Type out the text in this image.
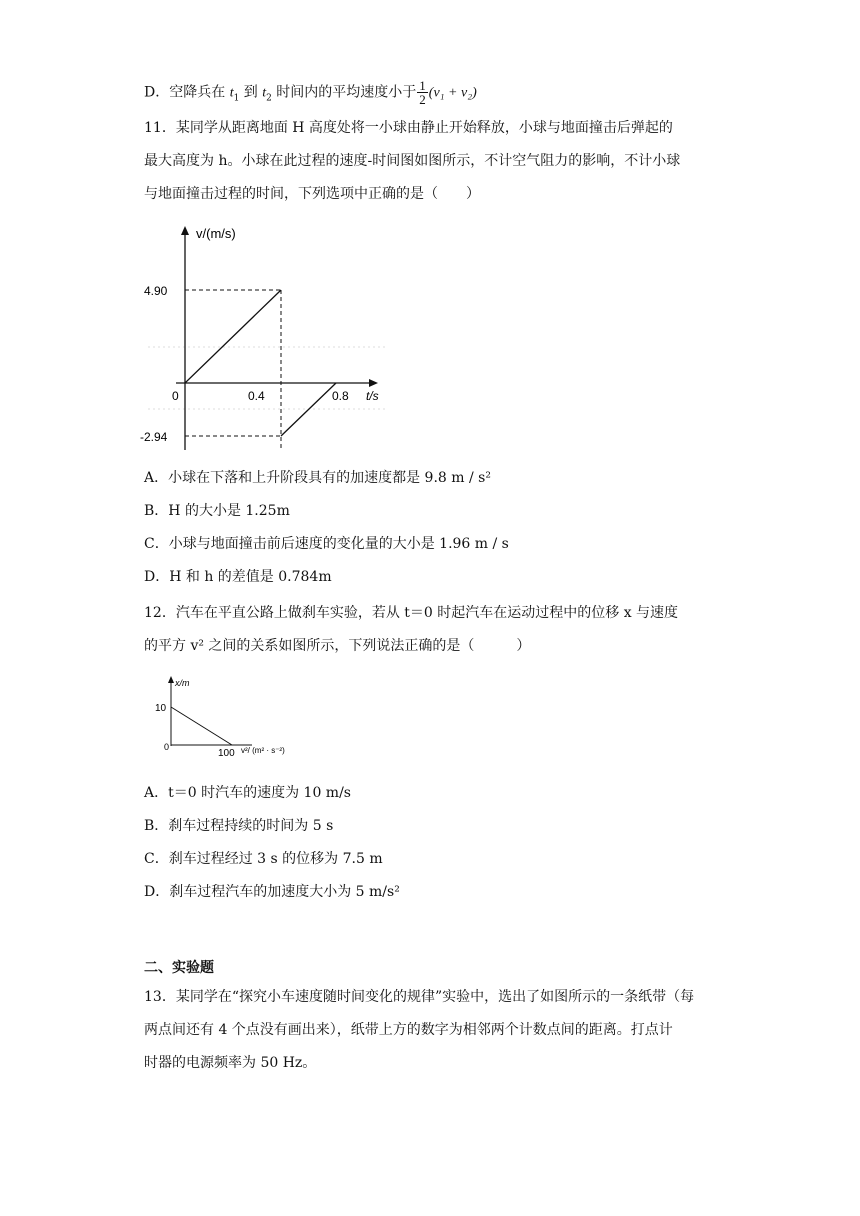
D．空降兵在 $t_1$ 到 $t_2$ 时间内的平均速度小于 $\frac{1}{2} (v_1 + v_2)$
11．某同学从距离地面 H 高度处将一小球由静止开始释放，小球与地面撞击后弹起的
最大高度为 h。小球在此过程的速度-时间图如图所示，不计空气阻力的影响，不计小球
与地面撞击过程的时间，下列选项中正确的是（　　）
v/(m/s)
4.90
-2.94
0	0.4	0.8 t/s
A．小球在下落和上升阶段具有的加速度都是 9.8 m / s²
B．H 的大小是 1.25m
C．小球与地面撞击前后速度的变化量的大小是 1.96 m / s
D．H 和 h 的差值是 0.784m
12．汽车在平直公路上做刹车实验，若从 t＝0 时起汽车在运动过程中的位移 x 与速度
的平方 v² 之间的关系如图所示，下列说法正确的是（　　　）
x/m
10
0
100 v²/ (m² · s⁻²)
A．t＝0 时汽车的速度为 10 m/s
B．刹车过程持续的时间为 5 s
C．刹车过程经过 3 s 的位移为 7.5 m
D．刹车过程汽车的加速度大小为 5 m/s²
二、实验题
13．某同学在“探究小车速度随时间变化的规律”实验中，选出了如图所示的一条纸带（每
两点间还有 4 个点没有画出来），纸带上方的数字为相邻两个计数点间的距离。打点计
时器的电源频率为 50 Hz。
